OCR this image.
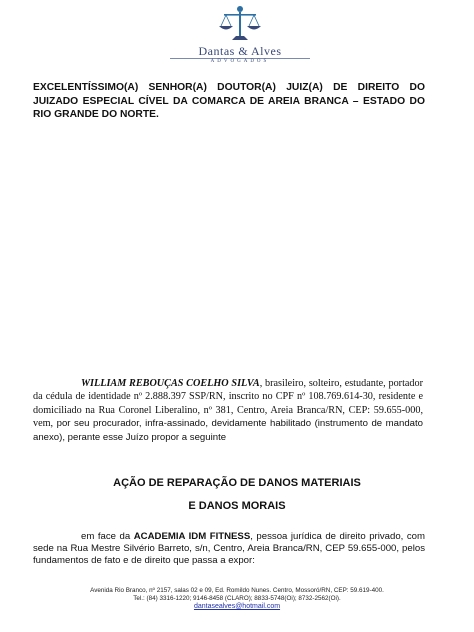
Dantas & Alves
ADVOGADOS
EXCELENTÍSSIMO(A) SENHOR(A) DOUTOR(A) JUIZ(A) DE DIREITO DO JUIZADO ESPECIAL CÍVEL DA COMARCA DE AREIA BRANCA – ESTADO DO RIO GRANDE DO NORTE.
WILLIAM REBOUÇAS COELHO SILVA, brasileiro, solteiro, estudante, portador da cédula de identidade nº 2.888.397 SSP/RN, inscrito no CPF nº 108.769.614-30, residente e domiciliado na Rua Coronel Liberalino, nº 381, Centro, Areia Branca/RN, CEP: 59.655-000, vem, por seu procurador, infra-assinado, devidamente habilitado (instrumento de mandato anexo), perante esse Juízo propor a seguinte
AÇÃO DE REPARAÇÃO DE DANOS MATERIAIS
E DANOS MORAIS
em face da ACADEMIA IDM FITNESS, pessoa jurídica de direito privado, com sede na Rua Mestre Silvério Barreto, s/n, Centro, Areia Branca/RN, CEP 59.655-000, pelos fundamentos de fato e de direito que passa a expor:
Avenida Rio Branco, nº 2157, salas 02 e 09, Ed. Romildo Nunes. Centro, Mossoró/RN, CEP: 59.619-400.
Tel.: (84) 3316-1220; 9146-8458 (CLARO); 8833-5748(Oi); 8732-2562(Oi).
dantasealves@hotmail.com
